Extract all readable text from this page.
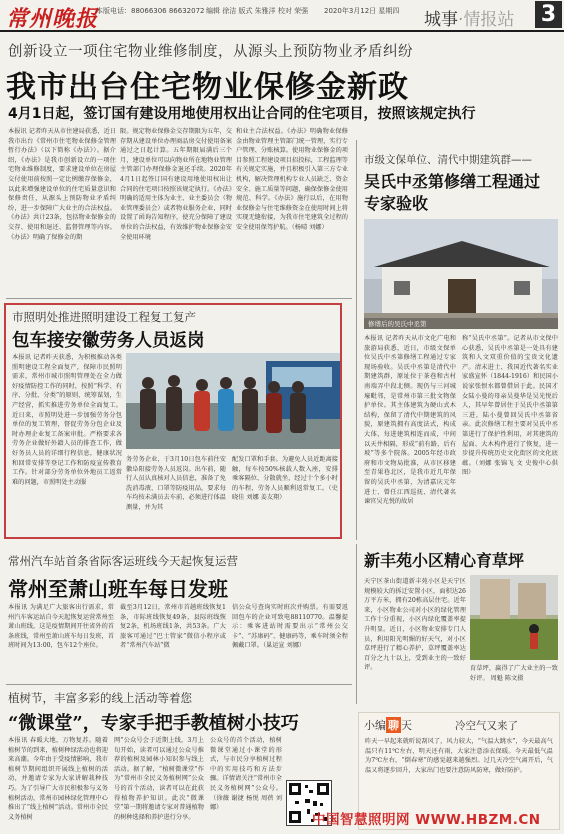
常州晚报
本版电话：88066306 86632072 编辑 徐洁 版式 朱雅洋 校对 荣强 2020年3月12日 星期四 城事·情报站 3
创新设立一项住宅物业维修制度，从源头上预防物业矛盾纠纷
我市出台住宅物业保修金新政
4月1日起，签订国有建设用地使用权出让合同的住宅项目，按照该规定执行
本报讯 记者昨天从市住建局获悉，近日我市出台《常州市住宅物业保修金管理暂行办法》（以下简称《办法》）。据介绍，《办法》是我市创新设立的一项住宅物业维修制度，要求建设单位在房屋交付使用前按照一定比例缴存保修金，以此来增强建设单位的住宅质量意识和保修责任，从源头上预防物业矛盾纠纷，进一步保障广大业主的合法权益。《办法》共计23条，包括物业保修金的交存、使用和退还、监督管理等内容。《办法》明确了保修金的期
限。规定物业保修金交存期限为五年，交存期从建设单位办理商品房交付使用备案通过之日起计算。五年期限届满后三个月，建设单位可以向物业所在地物业管理主管部门办理保修金退还手续。2020年4月1日起签订国有建设用地使用权出让合同的住宅项目按照该规定执行。《办法》明确的适用主体为业主、业主委员会（物业管理委员会）或者物业服务企业，同时设置了函询告知程序，使充分保障了建设单位的合法权益，有效维护物业保修金安全使用环境
和业主合法权益。《办法》明确物业保修金由物业管理主管部门统一管理，实行专户管理、分账核算。使用物业保修金的项目参照工程建设项目招投标，工程监理等有关规定实施，并且积极引入第三方专业机构，解决管理机构专业人员缺乏、资金安全、施工质量等问题，确保保修金使用规范、科学。《办法》施行以后，在用物业保修金与住宅维修资金在使用时间上将实现无缝衔接，为我市住宅建筑全过程的安全使用保驾护航。（杨晴 刘娜）
市照明处推进照明建设工程复工复产
包车接安徽劳务人员返岗
本报讯 记者昨天获悉，为积极推动各类照明建设工程全面复产，保障市民照明需求，常州市城市照明管理处在全力做好疫情防控工作的同时，按照“科学、有序、分批、分类”的原则，统筹谋划，生产经营，抓实推进劳务单位全面复工。近日来，市照明处进一步加强劳务分包单位的复工管理，督促劳务分包企业及时办理企业复工备案审批。严格要求各劳务企业做好外籍人员的排查工作，做好务员人员的详细行程信息，健康状况和回常安排等登记工作和防疫宣传教育工作。针对部分劳务单位外地员工返常难的问题，市照明处主动服
务劳务企业，于3月10日包车前往安徽阜阳接劳务人员返岗。出车前，随行人员认真核对人员信息，准备了免洗消毒液、口罩等防疫用品，要求每车均按未满员去车前，必须进行体温测量，并为其
配发口罩和手套。为避免人员近距离接触，每车按50%核载人数入座，安排乘客隔位、分散就坐，经过十个多小时的车程，劳务人员顺利返常复工。（史晓佳 刘娜 姜友翔）
市级文保单位、清代中期建筑群——
吴氏中丞第修缮工程通过专家验收
修缮后的吴氏中丞第
本报讯 记者昨天从市文化广电和旅游局获悉，近日，市级文保单位吴氏中丞第修缮工程通过专家现场验收。吴氏中丞第是清代中期建筑群，原址位于茶巷和古村南端弄中段北侧。现仍与三河城壕毗邻，是常州市第三批文物保护单位。其主体建筑为硬山式木结构，保留了清代中期建筑的风貌，原建筑拥有高度法式，构成大体，每进建筑相连而成，中间以天井相隔，形成“前有路，后有坡”等多个院落。2005年经市政府和市文物局批准，从市区移建至青果巷北区，是我市近几年保留的吴氏中丞第，为清嘉庆元年进士、曾任江西巡抚、清代著名谏官吴光悦的故居
称“吴氏中丞第”。记者从市文保中心获悉，吴氏中丞第是一处具有建筑和人文双重价值的宝贵文化遗产。清末进士、我国近代著名实业家盛宣怀（1844-1916）和民国小说家张恨水都曾借居于此。民国才女陆小曼的母亲吴曼华是吴光悦后人，其早年曾居住于吴氏中丞第第三进，陆小曼曾回吴氏中丞第省亲。此次修缮工程主要对吴氏中丞第进行了保护性利用，对其建筑的屋面、大木构件进行了恢复，进一步提升传统历史文化街区的文化底蕴。（刘娜 张锦飞 文 史俊中心供图）
常州汽车站首条省际客运班线今天起恢复运营
常州至萧山班车每日发班
本报讯 为满足广大旅客出行需求，常州汽车客运站自今天起恢复运营常州至萧山班线，这是疫情期间开往省外的首条班线，常州至萧山班车每日发班，首班时间为13:00，包车12个座位。
截至3月12日，常州市首趟班线恢复1条，市际班线恢复49条，县际班线恢复2条，机场班线1条，共53条。广大旅客可通过“巴士管家”微信小程序或者“常州汽车站”微
信公众号查询实时班次并购票。有需要返回包车的企业可致电88110770。温馨提示：乘客进站时需要出示“常州公交卡”、“苏康码”、健康码等，乘车时须全程佩戴口罩。（巢运宣 刘娜）
新丰苑小区精心育草坪
天宁区茶山街道新丰苑小区是天宁区规模较大的拆迁安置小区，面积达26万平方米，拥有20栋高层住宅。近年来，小区物业公司对小区的绿化管理工作十分重视，小区内绿化覆盖率提升明显。近日，小区物业安排专门人员，利用阳光明媚的好天气，对小区草坪进行了精心养护，草坪覆盖率达百分之九十以上，受到业主的一致好评。	育草坪，赢得了广大业主的一致好评。 周魁 陈文摄
植树节，丰富多彩的线上活动等着您
“微课堂”，专家手把手教植树小技巧
本报讯 春暖大地，万物复苏。随着植树节的到来，植树种绿活动也将迎来高潮。今年由于受疫情影响，我市植树节期间组织开展线上植树的活动，并邀请专家为大家讲解栽种技巧。为了引导广大市民积极参与义务植树活动，常州市园林绿化管理中心推出了“线上植树”活动。常州市全民义务植树
网”公众号会于近期上线，3月上旬开始，读者可以通过公众号推荐的植树及园林小知识参与线上活动。据了解，“植树微课堂”作为“常州市全民义务植树网”公众号的首个活动，读者可以在此获得植物养护知识。此次“微课堂”第一期将邀请专家对普通植物的树种选择和养护进行分享。
公众号的首个活动，植树微课堂通过小课堂的形式，与市民分享植树过程中的实用技巧和方法步骤。详情请关注“常州市全民义务植树网”公众号。（徐薇 谢捷 杨悦 周蓓 刘娜）
小编 聊 天	冷空气又来了
昨天一早起来就听说刮风了，风力较大，“气温大跳水”，今天最高气温只有11℃左右，明天还有雨，大家注意添衣保暖。今天最低气温为7℃左右，“倒春寒”的感觉越来越强烈。过几天冷空气离开后，气温又将逐步回升，大家出门也要注意防风防寒，做好防护。
中国智慧照明网 WWW.HBZM.CN
